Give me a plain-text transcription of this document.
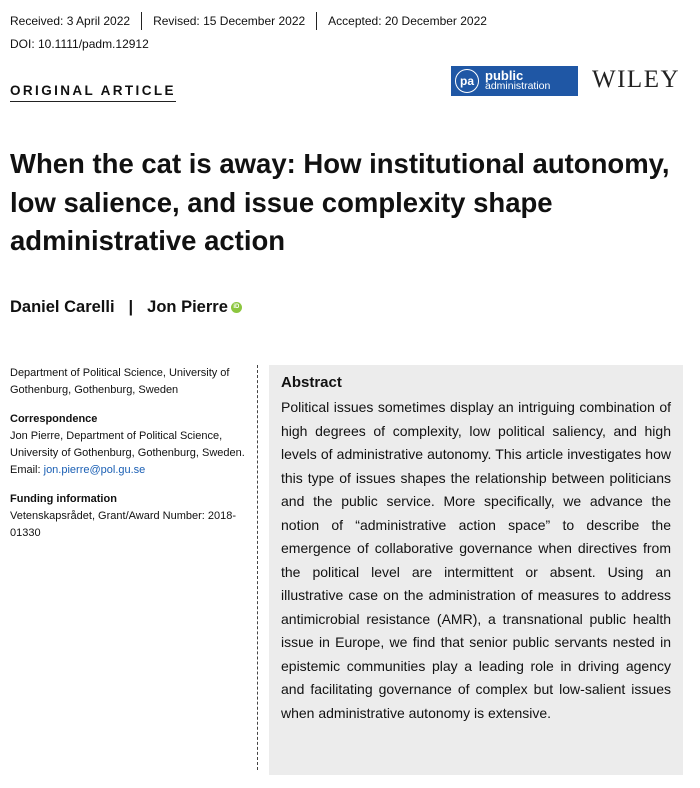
Received: 3 April 2022	Revised: 15 December 2022	Accepted: 20 December 2022
DOI: 10.1111/padm.12912
ORIGINAL ARTICLE
pa public
administration WILEY
When the cat is away: How institutional autonomy, low salience, and issue complexity shape administrative action
Daniel Carelli | Jon Pierre iD

Department of Political Science, University of Gothenburg, Gothenburg, Sweden

Correspondence

Jon Pierre, Department of Political Science, University of Gothenburg, Gothenburg, Sweden.

Email: jon.pierre@pol.gu.se

Funding information

Vetenskapsrådet, Grant/Award Number: 2018-01330

Abstract

Political issues sometimes display an intriguing combination of high degrees of complexity, low political saliency, and high levels of administrative autonomy. This article investigates how this type of issues shapes the relationship between politicians and the public service. More specifically, we advance the notion of “administrative action space” to describe the emergence of collaborative governance when directives from the political level are intermittent or absent. Using an illustrative case on the administration of measures to address antimicrobial resistance (AMR), a transnational public health issue in Europe, we find that senior public servants nested in epistemic communities play a leading role in driving agency and facilitating governance of complex but low-salient issues when administrative autonomy is extensive.
